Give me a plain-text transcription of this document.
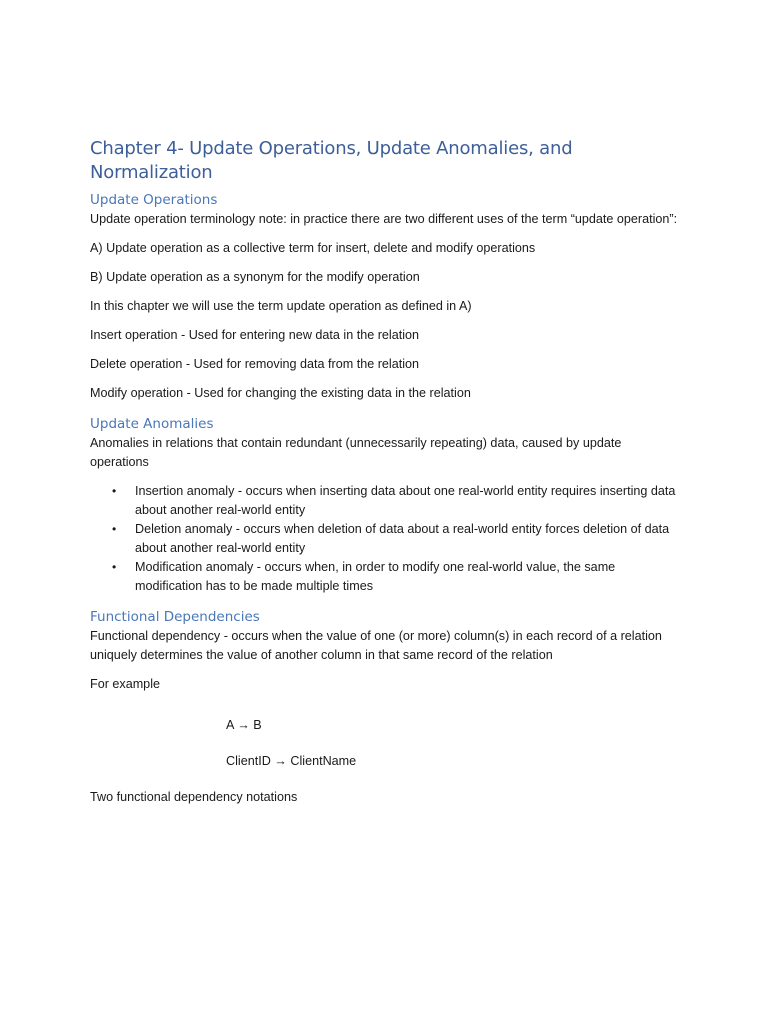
Chapter 4- Update Operations, Update Anomalies, and Normalization
Update Operations

Update operation terminology note: in practice there are two different uses of the term “update operation”:

A) Update operation as a collective term for insert, delete and modify operations

B) Update operation as a synonym for the modify operation

In this chapter we will use the term update operation as defined in A)

Insert operation - Used for entering new data in the relation

Delete operation - Used for removing data from the relation

Modify operation - Used for changing the existing data in the relation

Update Anomalies

Anomalies in relations that contain redundant (unnecessarily repeating) data, caused by update operations

• Insertion anomaly - occurs when inserting data about one real-world entity requires inserting data about another real-world entity
• Deletion anomaly - occurs when deletion of data about a real-world entity forces deletion of data about another real-world entity
• Modification anomaly - occurs when, in order to modify one real-world value, the same modification has to be made multiple times
Functional Dependencies

Functional dependency - occurs when the value of one (or more) column(s) in each record of a relation uniquely determines the value of another column in that same record of the relation

For example

A → B

ClientID → ClientName

Two functional dependency notations
